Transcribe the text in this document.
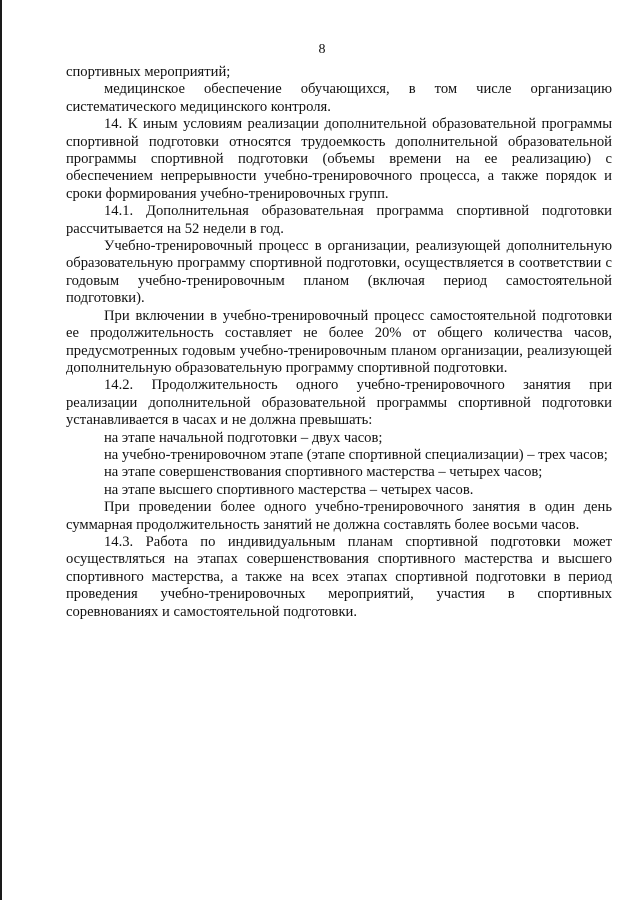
8

спортивных мероприятий;

медицинское обеспечение обучающихся, в том числе организацию систематического медицинского контроля.

14. К иным условиям реализации дополнительной образовательной программы спортивной подготовки относятся трудоемкость дополнительной образовательной программы спортивной подготовки (объемы времени на ее реализацию) с обеспечением непрерывности учебно-тренировочного процесса, а также порядок и сроки формирования учебно-тренировочных групп.

14.1. Дополнительная образовательная программа спортивной подготовки рассчитывается на 52 недели в год.

Учебно-тренировочный процесс в организации, реализующей дополнительную образовательную программу спортивной подготовки, осуществляется в соответствии с годовым учебно-тренировочным планом (включая период самостоятельной подготовки).

При включении в учебно-тренировочный процесс самостоятельной подготовки ее продолжительность составляет не более 20% от общего количества часов, предусмотренных годовым учебно-тренировочным планом организации, реализующей дополнительную образовательную программу спортивной подготовки.

14.2. Продолжительность одного учебно-тренировочного занятия при реализации дополнительной образовательной программы спортивной подготовки устанавливается в часах и не должна превышать:

на этапе начальной подготовки – двух часов;

на учебно-тренировочном этапе (этапе спортивной специализации) – трех часов;

на этапе совершенствования спортивного мастерства – четырех часов;

на этапе высшего спортивного мастерства – четырех часов.

При проведении более одного учебно-тренировочного занятия в один день суммарная продолжительность занятий не должна составлять более восьми часов.

14.3. Работа по индивидуальным планам спортивной подготовки может осуществляться на этапах совершенствования спортивного мастерства и высшего спортивного мастерства, а также на всех этапах спортивной подготовки в период проведения учебно-тренировочных мероприятий, участия в спортивных соревнованиях и самостоятельной подготовки.
